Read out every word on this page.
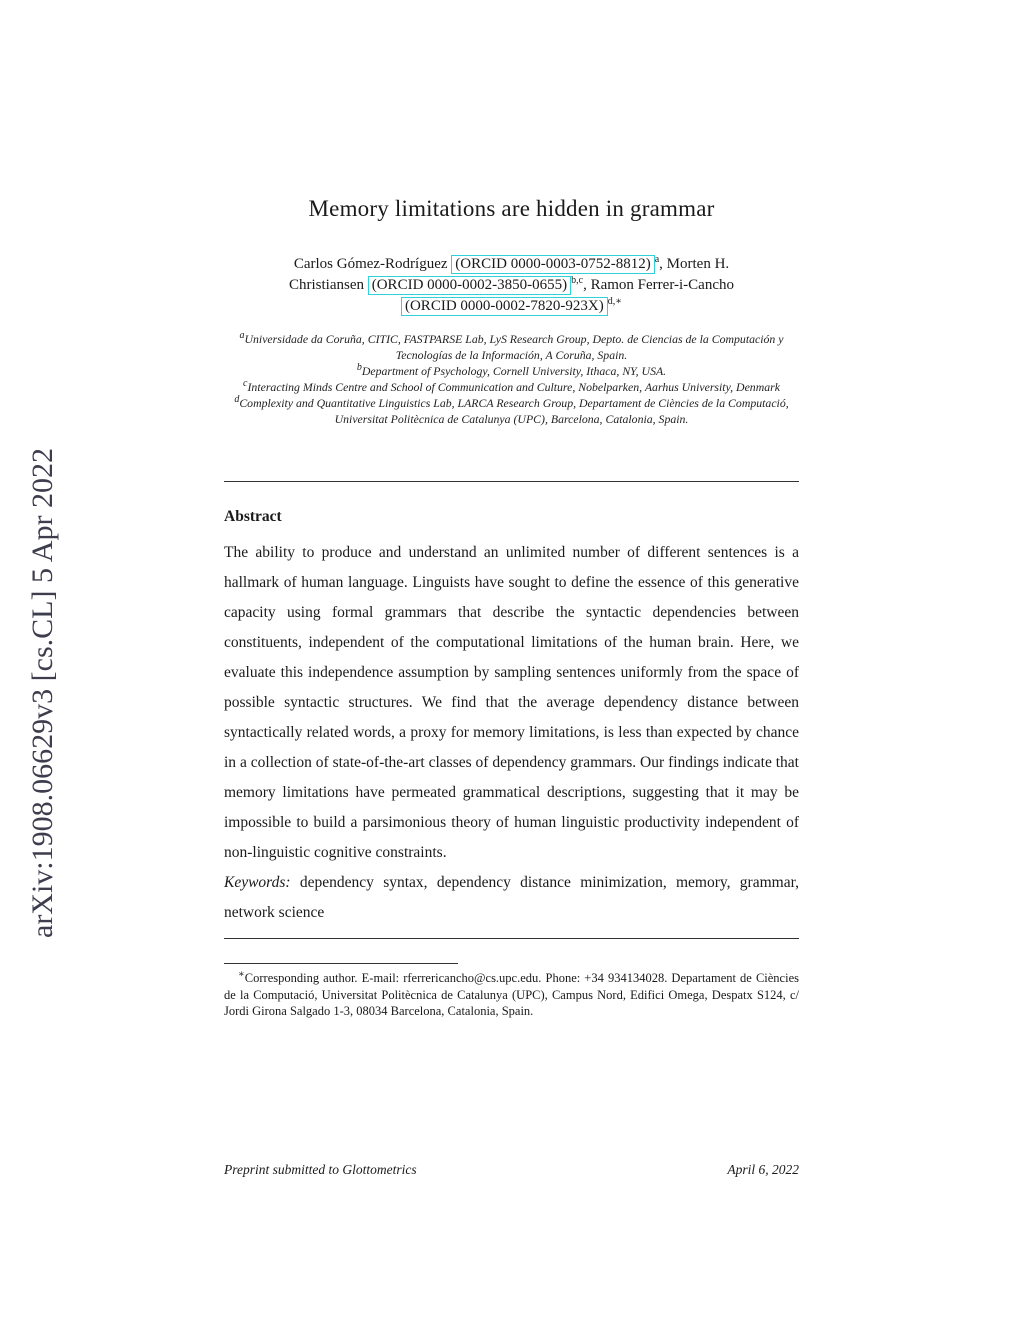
arXiv:1908.06629v3 [cs.CL] 5 Apr 2022
Memory limitations are hidden in grammar
Carlos Gómez-Rodríguez (ORCID 0000-0003-0752-8812) $^a$, Morten H.
Christiansen (ORCID 0000-0002-3850-0655) $^{b,c}$, Ramon Ferrer-i-Cancho
(ORCID 0000-0002-7820-923X) $^{d,∗}$

$^a$Universidade da Coruña, CITIC, FASTPARSE Lab, LyS Research Group, Depto. de Ciencias de la Computación y Tecnologías de la Información, A Coruña, Spain.

$^b$Department of Psychology, Cornell University, Ithaca, NY, USA.

$^c$Interacting Minds Centre and School of Communication and Culture, Nobelparken, Aarhus University, Denmark

$^d$Complexity and Quantitative Linguistics Lab, LARCA Research Group, Departament de Ciències de la Computació, Universitat Politècnica de Catalunya (UPC), Barcelona, Catalonia, Spain.

Abstract

The ability to produce and understand an unlimited number of different sentences is a hallmark of human language. Linguists have sought to define the essence of this generative capacity using formal grammars that describe the syntactic dependencies between constituents, independent of the computational limitations of the human brain. Here, we evaluate this independence assumption by sampling sentences uniformly from the space of possible syntactic structures. We find that the average dependency distance between syntactically related words, a proxy for memory limitations, is less than expected by chance in a collection of state-of-the-art classes of dependency grammars. Our findings indicate that memory limitations have permeated grammatical descriptions, suggesting that it may be impossible to build a parsimonious theory of human linguistic productivity independent of non-linguistic cognitive constraints.

Keywords: dependency syntax, dependency distance minimization, memory, grammar, network science

∗Corresponding author. E-mail: rferrericancho@cs.upc.edu. Phone: +34 934134028. Departament de Ciències de la Computació, Universitat Politècnica de Catalunya (UPC), Campus Nord, Edifici Omega, Despatx S124, c/ Jordi Girona Salgado 1-3, 08034 Barcelona, Catalonia, Spain.

Preprint submitted to Glottometrics	April 6, 2022
